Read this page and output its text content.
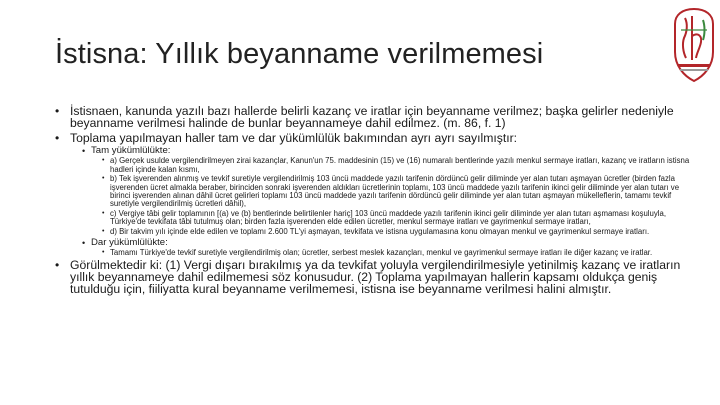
İstisna: Yıllık beyanname verilmemesi
• İstisnaen, kanunda yazılı bazı hallerde belirli kazanç ve iratlar için beyanname verilmez; başka gelirler nedeniyle beyanname verilmesi halinde de bunlar beyannameye dahil edilmez. (m. 86, f. 1)
• Toplama yapılmayan haller tam ve dar yükümlülük bakımından ayrı ayrı sayılmıştır:
• Tam yükümlülükte:
• a) Gerçek usulde vergilendirilmeyen zirai kazançlar, Kanun'un 75. maddesinin (15) ve (16) numaralı bentlerinde yazılı menkul sermaye iratları, kazanç ve iratların istisna hadleri içinde kalan kısmı,
• b) Tek işverenden alınmış ve tevkif suretiyle vergilendirilmiş 103 üncü maddede yazılı tarifenin dördüncü gelir diliminde yer alan tutarı aşmayan ücretler (birden fazla işverenden ücret almakla beraber, birinciden sonraki işverenden aldıkları ücretlerinin toplamı, 103 üncü maddede yazılı tarifenin ikinci gelir diliminde yer alan tutarı ve birinci işverenden alınan dâhil ücret gelirleri toplamı 103 üncü maddede yazılı tarifenin dördüncü gelir diliminde yer alan tutarı aşmayan mükelleflerin, tamamı tevkif suretiyle vergilendirilmiş ücretleri dâhil),
• c) Vergiye tâbi gelir toplamının [(a) ve (b) bentlerinde belirtilenler hariç] 103 üncü maddede yazılı tarifenin ikinci gelir diliminde yer alan tutarı aşmaması koşuluyla, Türkiye'de tevkifata tâbi tutulmuş olan; birden fazla işverenden elde edilen ücretler, menkul sermaye iratları ve gayrimenkul sermaye iratları,
• d) Bir takvim yılı içinde elde edilen ve toplamı 2.600 TL'yi aşmayan, tevkifata ve istisna uygulamasına konu olmayan menkul ve gayrimenkul sermaye iratları.
• Dar yükümlülükte:
• Tamamı Türkiye'de tevkif suretiyle vergilendirilmiş olan; ücretler, serbest meslek kazançları, menkul ve gayrimenkul sermaye iratları ile diğer kazanç ve iratlar.
• Görülmektedir ki: (1) Vergi dışarı bırakılmış ya da tevkifat yoluyla vergilendirilmesiyle yetinilmiş kazanç ve iratların yıllık beyannameye dahil edilmemesi söz konusudur. (2) Toplama yapılmayan hallerin kapsamı oldukça geniş tutulduğu için, fiiliyatta kural beyanname verilmemesi, istisna ise beyanname verilmesi halini almıştır.
